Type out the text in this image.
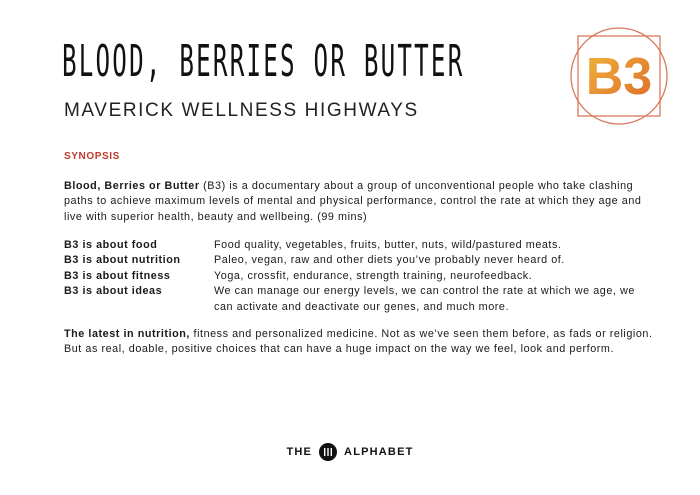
BLOOD, BERRIES OR BUTTER
MAVERICK WELLNESS HIGHWAYS
B3
SYNOPSIS
Blood, Berries or Butter (B3) is a documentary about a group of unconventional people who take clashing paths to achieve maximum levels of mental and physical performance, control the rate at which they age and live with superior health, beauty and wellbeing. (99 mins)
B3 is about food	Food quality, vegetables, fruits, butter, nuts, wild/pastured meats.
B3 is about nutrition	Paleo, vegan, raw and other diets you’ve probably never heard of.
B3 is about fitness	Yoga, crossfit, endurance, strength training, neurofeedback.
B3 is about ideas	We can manage our energy levels, we can control the rate at which we age, we can activate and deactivate our genes, and much more.
The latest in nutrition, fitness and personalized medicine. Not as we’ve seen them before, as fads or religion. But as real, doable, positive choices that can have a huge impact on the way we feel, look and perform.
THE	ALPHABET
